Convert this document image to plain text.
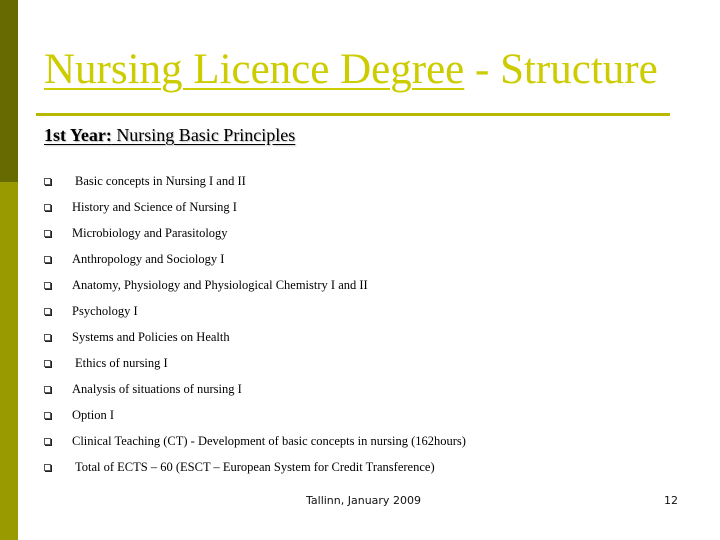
Nursing Licence Degree - Structure
1st Year: Nursing Basic Principles
Basic concepts in Nursing I and II
History and Science of Nursing I
Microbiology and Parasitology
Anthropology and Sociology I
Anatomy, Physiology and Physiological Chemistry I and II
Psychology I
Systems and Policies on Health
Ethics of nursing I
Analysis of situations of nursing I
Option I
Clinical Teaching (CT) - Development of basic concepts in nursing (162hours)
Total of ECTS – 60 (ESCT – European System for Credit Transference)
Tallinn, January 2009	12
